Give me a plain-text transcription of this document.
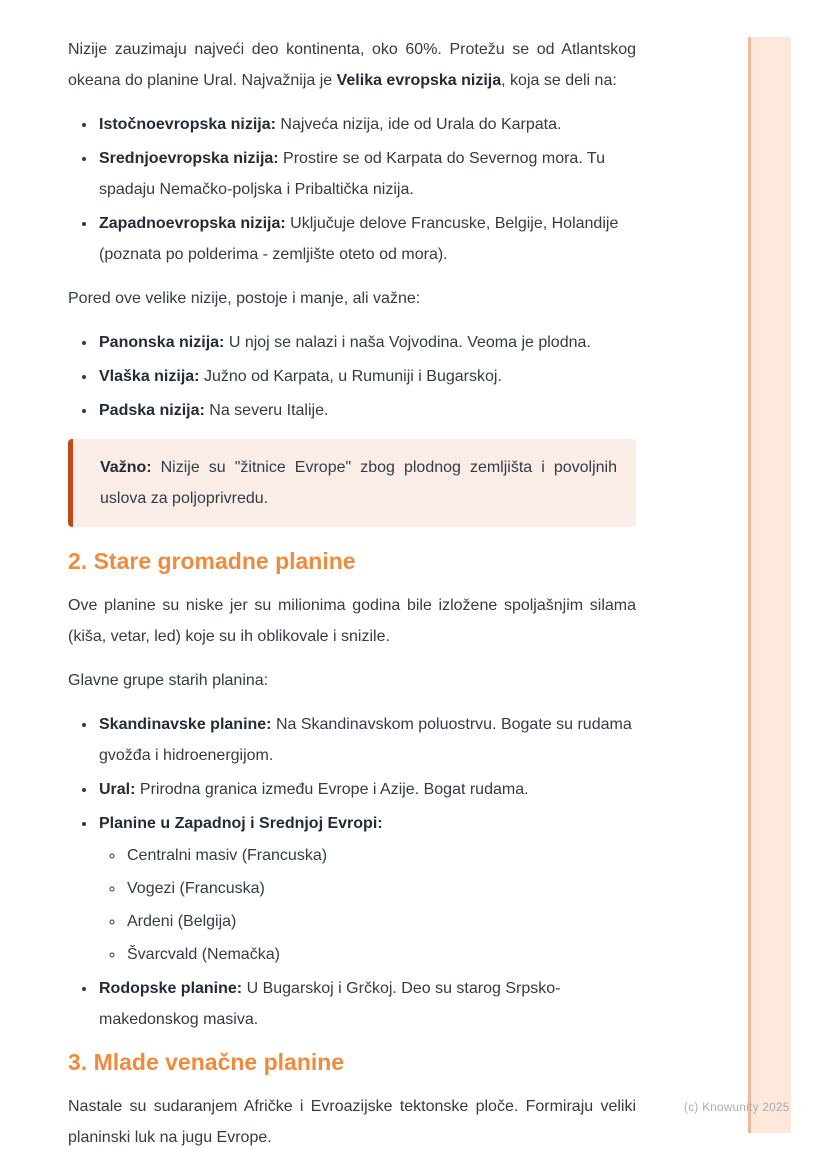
(c) Knowunity 2025

Nizije zauzimaju najveći deo kontinenta, oko 60%. Protežu se od Atlantskog okeana do planine Ural. Najvažnija je Velika evropska nizija, koja se deli na:

• Istočnoevropska nizija: Najveća nizija, ide od Urala do Karpata.
• Srednjoevropska nizija: Prostire se od Karpata do Severnog mora. Tu spadaju Nemačko-poljska i Pribaltička nizija.
• Zapadnoevropska nizija: Uključuje delove Francuske, Belgije, Holandije (poznata po polderima - zemljište oteto od mora).

Pored ove velike nizije, postoje i manje, ali važne:

• Panonska nizija: U njoj se nalazi i naša Vojvodina. Veoma je plodna.
• Vlaška nizija: Južno od Karpata, u Rumuniji i Bugarskoj.
• Padska nizija: Na severu Italije.
Važno: Nizije su "žitnice Evrope" zbog plodnog zemljišta i povoljnih uslova za poljoprivredu.
2. Stare gromadne planine

Ove planine su niske jer su milionima godina bile izložene spoljašnjim silama (kiša, vetar, led) koje su ih oblikovale i snizile.

Glavne grupe starih planina:

• Skandinavske planine: Na Skandinavskom poluostrvu. Bogate su rudama gvožđa i hidroenergijom.
• Ural: Prirodna granica između Evrope i Azije. Bogat rudama.
• Planine u Zapadnoj i Srednjoj Evropi:
◦ Centralni masiv (Francuska)
◦ Vogezi (Francuska)
◦ Ardeni (Belgija)
◦ Švarcvald (Nemačka)
• Rodopske planine: U Bugarskoj i Grčkoj. Deo su starog Srpsko-makedonskog masiva.
3. Mlade venačne planine

Nastale su sudaranjem Afričke i Evroazijske tektonske ploče. Formiraju veliki planinski luk na jugu Evrope.
